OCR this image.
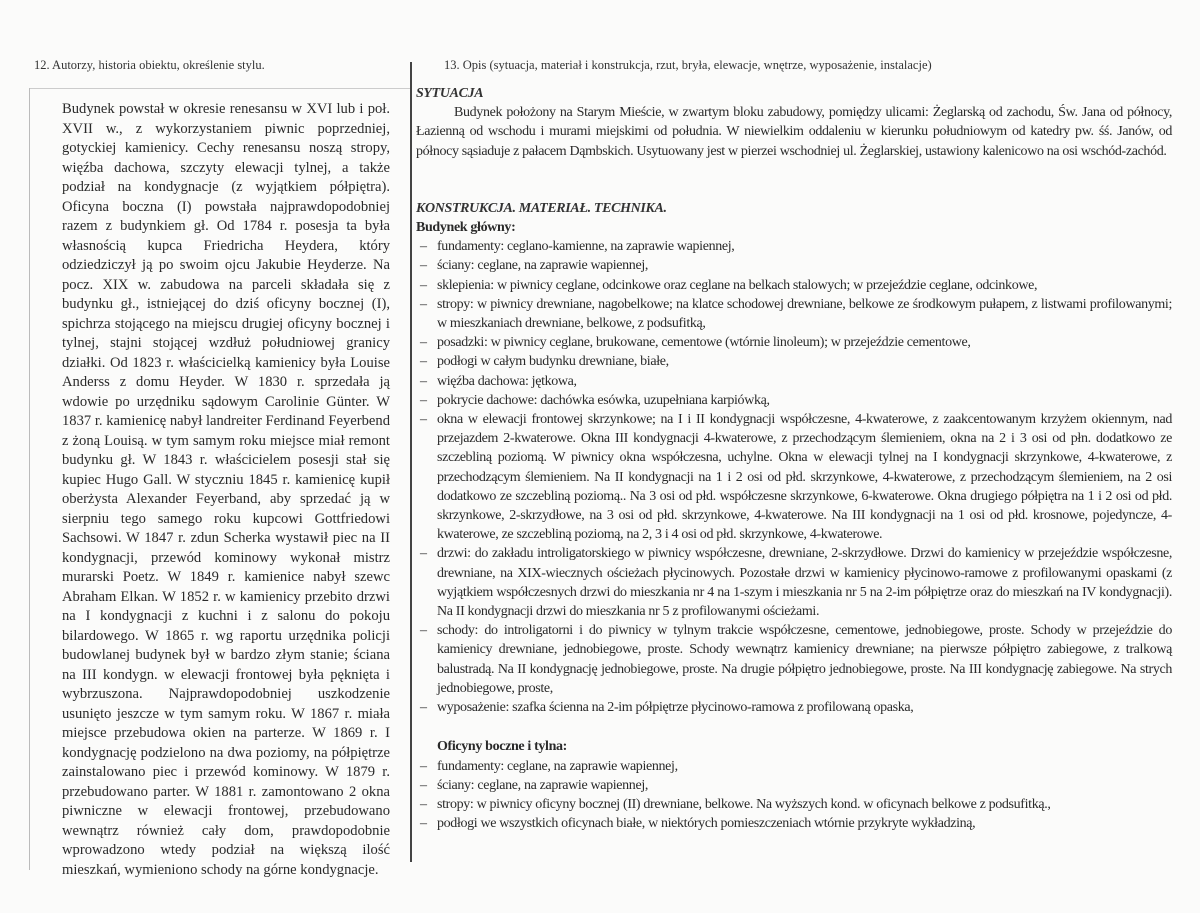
12. Autorzy, historia obiektu, określenie stylu.	13. Opis (sytuacja, materiał i konstrukcja, rzut, bryła, elewacje, wnętrze, wyposażenie, instalacje)
Budynek powstał w okresie renesansu w XVI lub i poł. XVII w., z wykorzystaniem piwnic poprzedniej, gotyckiej kamienicy. Cechy renesansu noszą stropy, więźba dachowa, szczyty elewacji tylnej, a także podział na kondygnacje (z wyjątkiem półpiętra). Oficyna boczna (I) powstała najprawdopodobniej razem z budynkiem gł. Od 1784 r. posesja ta była własnością kupca Friedricha Heydera, który odziedziczył ją po swoim ojcu Jakubie Heyderze. Na pocz. XIX w. zabudowa na parceli składała się z budynku gł., istniejącej do dziś oficyny bocznej (I), spichrza stojącego na miejscu drugiej oficyny bocznej i tylnej, stajni stojącej wzdłuż południowej granicy działki. Od 1823 r. właścicielką kamienicy była Louise Anderss z domu Heyder. W 1830 r. sprzedała ją wdowie po urzędniku sądowym Carolinie Günter. W 1837 r. kamienicę nabył landreiter Ferdinand Feyerbend z żoną Louisą. w tym samym roku miejsce miał remont budynku gł. W 1843 r. właścicielem posesji stał się kupiec Hugo Gall. W styczniu 1845 r. kamienicę kupił oberżysta Alexander Feyerband, aby sprzedać ją w sierpniu tego samego roku kupcowi Gottfriedowi Sachsowi. W 1847 r. zdun Scherka wystawił piec na II kondygnacji, przewód kominowy wykonał mistrz murarski Poetz. W 1849 r. kamienice nabył szewc Abraham Elkan. W 1852 r. w kamienicy przebito drzwi na I kondygnacji z kuchni i z salonu do pokoju bilardowego. W 1865 r. wg raportu urzędnika policji budowlanej budynek był w bardzo złym stanie; ściana na III kondygn. w elewacji frontowej była pęknięta i wybrzuszona. Najprawdopodobniej uszkodzenie usunięto jeszcze w tym samym roku. W 1867 r. miała miejsce przebudowa okien na parterze. W 1869 r. I kondygnację podzielono na dwa poziomy, na półpiętrze zainstalowano piec i przewód kominowy. W 1879 r. przebudowano parter. W 1881 r. zamontowano 2 okna piwniczne w elewacji frontowej, przebudowano wewnątrz również cały dom, prawdopodobnie wprowadzono wtedy podział na większą ilość mieszkań, wymieniono schody na górne kondygnacje.
SYTUACJA
Budynek położony na Starym Mieście, w zwartym bloku zabudowy, pomiędzy ulicami: Żeglarską od zachodu, Św. Jana od północy, Łazienną od wschodu i murami miejskimi od południa. W niewielkim oddaleniu w kierunku południowym od katedry pw. śś. Janów, od północy sąsiaduje z pałacem Dąmbskich. Usytuowany jest w pierzei wschodniej ul. Żeglarskiej, ustawiony kalenicowo na osi wschód-zachód.
KONSTRUKCJA. MATERIAŁ. TECHNIKA.
Budynek główny:
– fundamenty: ceglano-kamienne, na zaprawie wapiennej,
– ściany: ceglane, na zaprawie wapiennej,
– sklepienia: w piwnicy ceglane, odcinkowe oraz ceglane na belkach stalowych; w przejeździe ceglane, odcinkowe,
– stropy: w piwnicy drewniane, nagobelkowe; na klatce schodowej drewniane, belkowe ze środkowym pułapem, z listwami profilowanymi; w mieszkaniach drewniane, belkowe, z podsufitką,
– posadzki: w piwnicy ceglane, brukowane, cementowe (wtórnie linoleum); w przejeździe cementowe,
– podłogi w całym budynku drewniane, białe,
– więźba dachowa: jętkowa,
– pokrycie dachowe: dachówka esówka, uzupełniana karpiówką,
– okna w elewacji frontowej skrzynkowe; na I i II kondygnacji współczesne, 4-kwaterowe, z zaakcentowanym krzyżem okiennym, nad przejazdem 2-kwaterowe. Okna III kondygnacji 4-kwaterowe, z przechodzącym ślemieniem, okna na 2 i 3 osi od płn. dodatkowo ze szczebliną poziomą. W piwnicy okna współczesna, uchylne. Okna w elewacji tylnej na I kondygnacji skrzynkowe, 4-kwaterowe, z przechodzącym ślemieniem. Na II kondygnacji na 1 i 2 osi od płd. skrzynkowe, 4-kwaterowe, z przechodzącym ślemieniem, na 2 osi dodatkowo ze szczebliną poziomą.. Na 3 osi od płd. współczesne skrzynkowe, 6-kwaterowe. Okna drugiego półpiętra na 1 i 2 osi od płd. skrzynkowe, 2-skrzydłowe, na 3 osi od płd. skrzynkowe, 4-kwaterowe. Na III kondygnacji na 1 osi od płd. krosnowe, pojedyncze, 4-kwaterowe, ze szczebliną poziomą, na 2, 3 i 4 osi od płd. skrzynkowe, 4-kwaterowe.
– drzwi: do zakładu introligatorskiego w piwnicy współczesne, drewniane, 2-skrzydłowe. Drzwi do kamienicy w przejeździe współczesne, drewniane, na XIX-wiecznych ościeżach płycinowych. Pozostałe drzwi w kamienicy płycinowo-ramowe z profilowanymi opaskami (z wyjątkiem współczesnych drzwi do mieszkania nr 4 na 1-szym i mieszkania nr 5 na 2-im półpiętrze oraz do mieszkań na IV kondygnacji). Na II kondygnacji drzwi do mieszkania nr 5 z profilowanymi ościeżami.
– schody: do introligatorni i do piwnicy w tylnym trakcie współczesne, cementowe, jednobiegowe, proste. Schody w przejeździe do kamienicy drewniane, jednobiegowe, proste. Schody wewnątrz kamienicy drewniane; na pierwsze półpiętro zabiegowe, z tralkową balustradą. Na II kondygnację jednobiegowe, proste. Na drugie półpiętro jednobiegowe, proste. Na III kondygnację zabiegowe. Na strych jednobiegowe, proste,
– wyposażenie: szafka ścienna na 2-im półpiętrze płycinowo-ramowa z profilowaną opaska,
Oficyny boczne i tylna:
– fundamenty: ceglane, na zaprawie wapiennej,
– ściany: ceglane, na zaprawie wapiennej,
– stropy: w piwnicy oficyny bocznej (II) drewniane, belkowe. Na wyższych kond. w oficynach belkowe z podsufitką.,
– podłogi we wszystkich oficynach białe, w niektórych pomieszczeniach wtórnie przykryte wykładziną,
